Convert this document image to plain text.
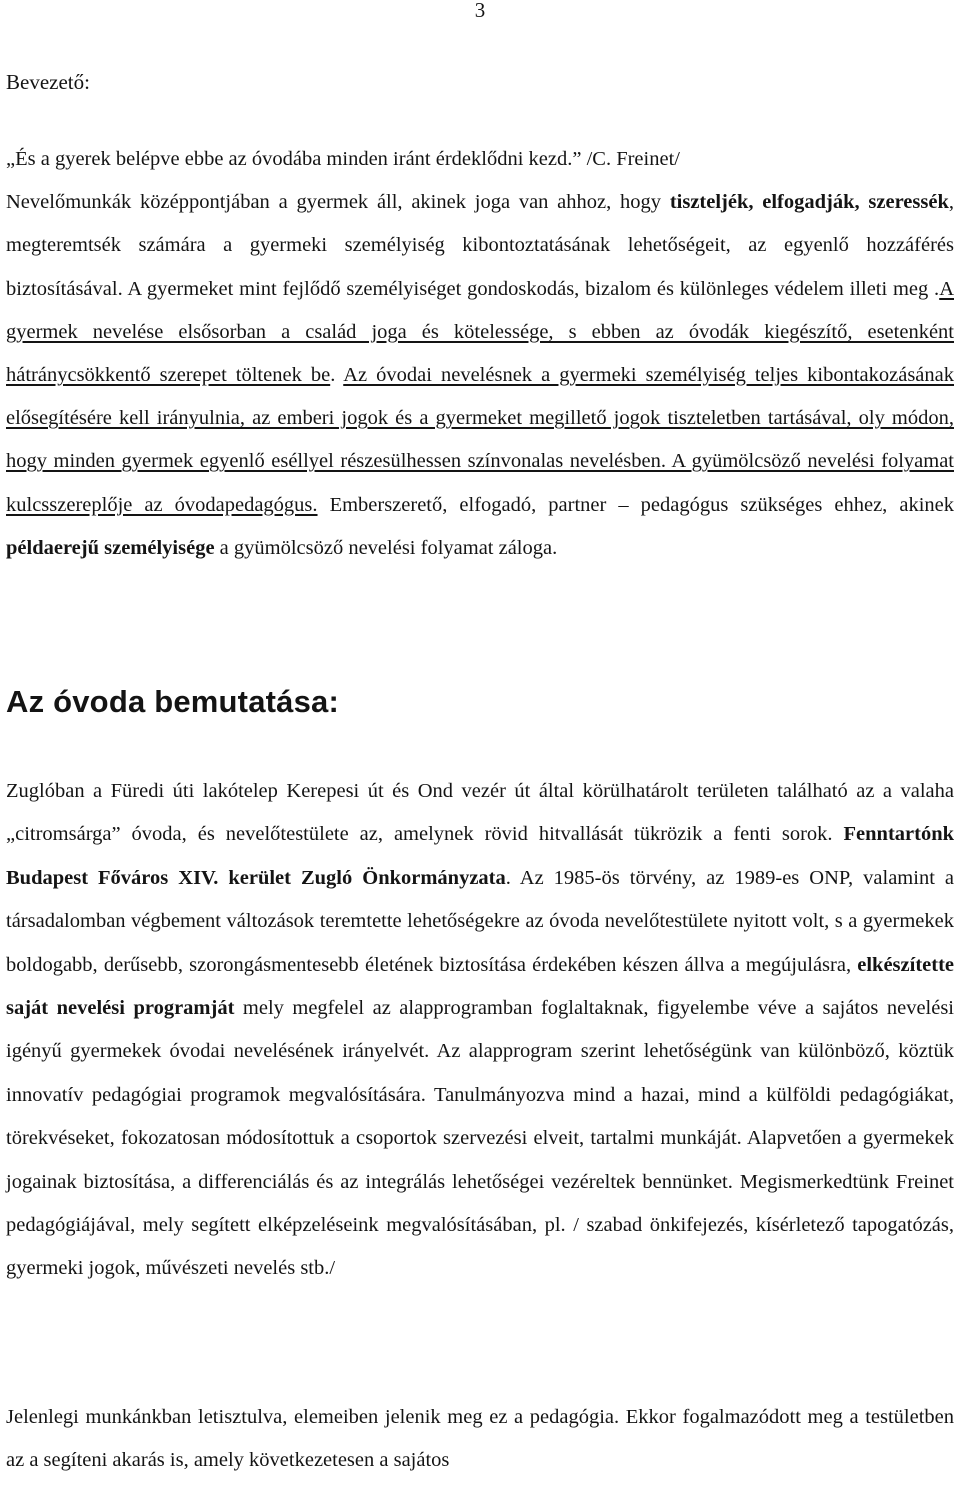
3
Bevezető:

„És a gyerek belépve ebbe az óvodába minden iránt érdeklődni kezd.” /C. Freinet/
Nevelőmunkák középpontjában a gyermek áll, akinek joga van ahhoz, hogy tiszteljék, elfogadják, szeressék, megteremtsék számára a gyermeki személyiség kibontoztatásának lehetőségeit, az egyenlő hozzáférés biztosításával. A gyermeket mint fejlődő személyiséget gondoskodás, bizalom és különleges védelem illeti meg .A gyermek nevelése elsősorban a család joga és kötelessége, s ebben az óvodák kiegészítő, esetenként hátránycsökkentő szerepet töltenek be. Az óvodai nevelésnek a gyermeki személyiség teljes kibontakozásának elősegítésére kell irányulnia, az emberi jogok és a gyermeket megillető jogok tiszteletben tartásával, oly módon, hogy minden gyermek egyenlő eséllyel részesülhessen színvonalas nevelésben. A gyümölcsöző nevelési folyamat kulcsszereplője az óvodapedagógus. Emberszerető, elfogadó, partner – pedagógus szükséges ehhez, akinek példaerejű személyisége a gyümölcsöző nevelési folyamat záloga.

Az óvoda bemutatása:

Zuglóban a Füredi úti lakótelep Kerepesi út és Ond vezér út által körülhatárolt területen található az a valaha „citromsárga” óvoda, és nevelőtestülete az, amelynek rövid hitvallását tükrözik a fenti sorok. Fenntartónk Budapest Főváros XIV. kerület Zugló Önkormányzata. Az 1985-ös törvény, az 1989-es ONP, valamint a társadalomban végbement változások teremtette lehetőségekre az óvoda nevelőtestülete nyitott volt, s a gyermekek boldogabb, derűsebb, szorongásmentesebb életének biztosítása érdekében készen állva a megújulásra, elkészítette saját nevelési programját mely megfelel az alapprogramban foglaltaknak, figyelembe véve a sajátos nevelési igényű gyermekek óvodai nevelésének irányelvét. Az alapprogram szerint lehetőségünk van különböző, köztük innovatív pedagógiai programok megvalósítására. Tanulmányozva mind a hazai, mind a külföldi pedagógiákat, törekvéseket, fokozatosan módosítottuk a csoportok szervezési elveit, tartalmi munkáját. Alapvetően a gyermekek jogainak biztosítása, a differenciálás és az integrálás lehetőségei vezéreltek bennünket. Megismerkedtünk Freinet pedagógiájával, mely segített elképzeléseink megvalósításában, pl. / szabad önkifejezés, kísérletező tapogatózás, gyermeki jogok, művészeti nevelés stb./

Jelenlegi munkánkban letisztulva, elemeiben jelenik meg ez a pedagógia. Ekkor fogalmazódott meg a testületben az a segíteni akarás is, amely következetesen a sajátos
